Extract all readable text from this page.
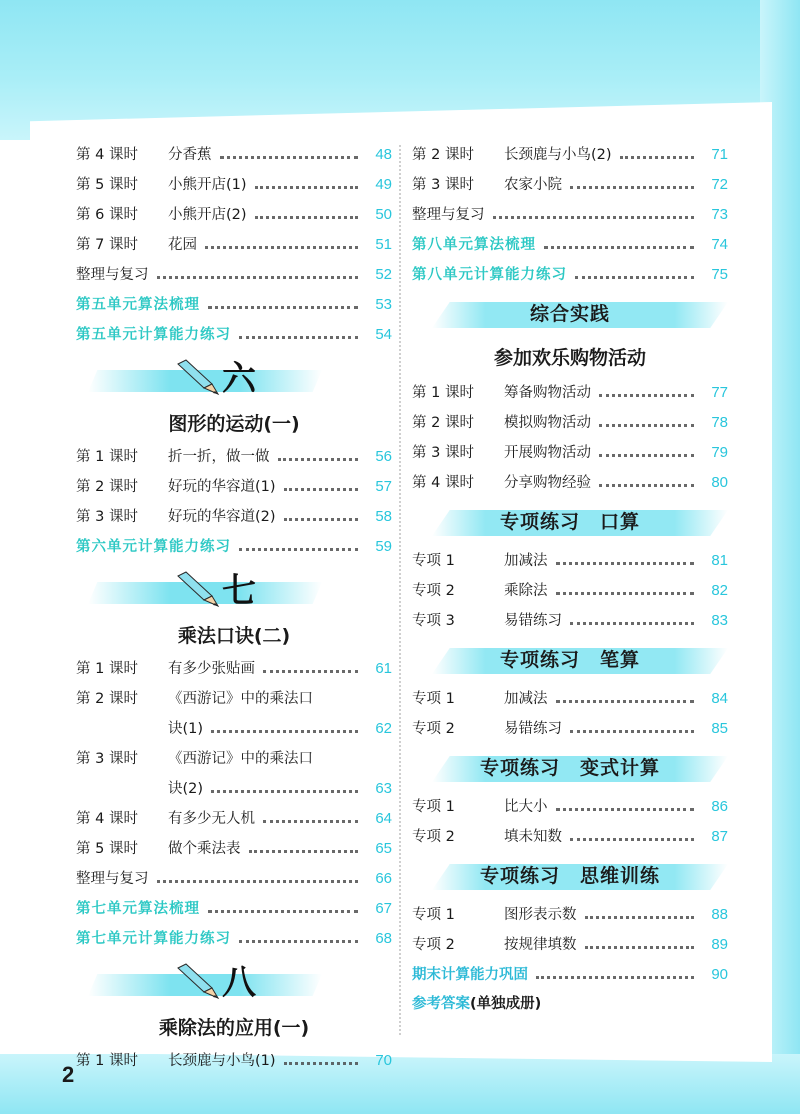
第 4 课时	分香蕉	48
第 5 课时	小熊开店(1)	49
第 6 课时	小熊开店(2)	50
第 7 课时	花园	51
整理与复习	52
第五单元算法梳理	53
第五单元计算能力练习	54
六
图形的运动(一)
第 1 课时	折一折，做一做	56
第 2 课时	好玩的华容道(1)	57
第 3 课时	好玩的华容道(2)	58
第六单元计算能力练习	59
七
乘法口诀(二)
第 1 课时	有多少张贴画	61
第 2 课时	《西游记》中的乘法口
诀(1)	62
第 3 课时	《西游记》中的乘法口
诀(2)	63
第 4 课时	有多少无人机	64
第 5 课时	做个乘法表	65
整理与复习	66
第七单元算法梳理	67
第七单元计算能力练习	68
八
乘除法的应用(一)
第 1 课时	长颈鹿与小鸟(1)	70
第 2 课时	长颈鹿与小鸟(2)	71
第 3 课时	农家小院	72
整理与复习	73
第八单元算法梳理	74
第八单元计算能力练习	75
综合实践
参加欢乐购物活动
第 1 课时	筹备购物活动	77
第 2 课时	模拟购物活动	78
第 3 课时	开展购物活动	79
第 4 课时	分享购物经验	80
专项练习　口算
专项 1	加减法	81
专项 2	乘除法	82
专项 3	易错练习	83
专项练习　笔算
专项 1	加减法	84
专项 2	易错练习	85
专项练习　变式计算
专项 1	比大小	86
专项 2	填未知数	87
专项练习　思维训练
专项 1	图形表示数	88
专项 2	按规律填数	89
期末计算能力巩固	90
参考答案(单独成册)
2
